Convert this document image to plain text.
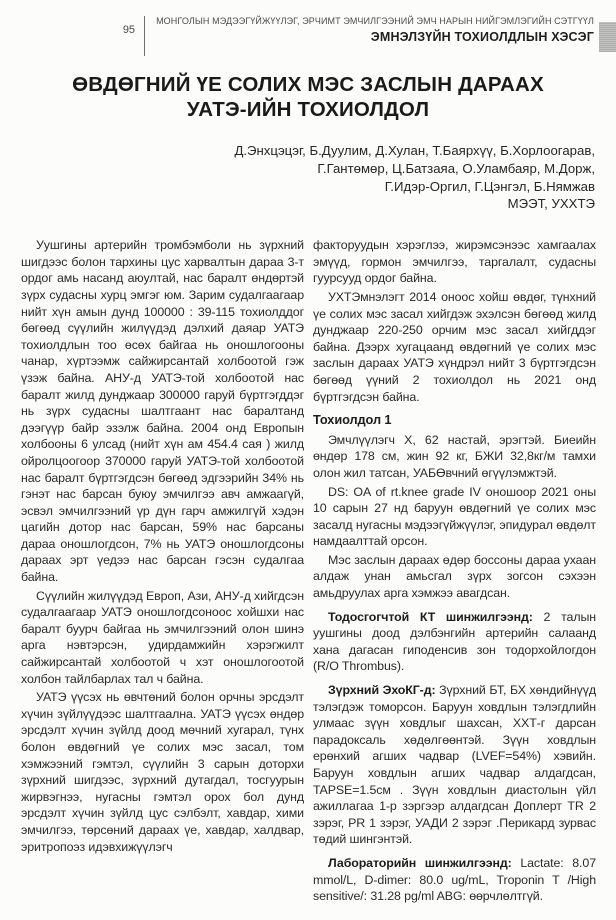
95
МОНГОЛЫН МЭДЭЭГҮЙЖҮҮЛЭГ, ЭРЧИМТ ЭМЧИЛГЭЭНИЙ ЭМЧ НАРЫН НИЙГЭМЛЭГИЙН СЭТГҮҮЛ
ЭМНЭЛЗҮЙН ТОХИОЛДЛЫН ХЭСЭГ
ӨВДӨГНИЙ ҮЕ СОЛИХ МЭС ЗАСЛЫН ДАРААХ
УАТЭ-ИЙН ТОХИОЛДОЛ
Д.Энхцэцэг, Б.Дуулим, Д.Хулан, Т.Баярхүү, Б.Хорлоогарав,
Г.Гантөмөр, Ц.Батзаяа, О.Уламбаяр, М.Дорж,
Г.Идэр-Оргил, Г.Цэнгэл, Б.Нямжав
МЭЭТ, УХХТЭ

Уушгины артерийн тромбэмболи нь зүрхний шигдээс болон тархины цус харвалтын дараа 3-т ордог амь насанд аюултай, нас баралт өндөртэй зүрх судасны хурц эмгэг юм. Зарим судалгаагаар нийт хүн амын дунд 100000 : 39-115 тохиолддог бөгөөд сүүлийн жилүүдэд дэлхий даяар УАТЭ тохиолдлын тоо өсөх байгаа нь оношлогооны чанар, хүртээмж сайжирсантай холбоотой гэж үзэж байна. АНУ-д УАТЭ-той холбоотой нас баралт жилд дунджаар 300000 гаруй бүртгэгддэг нь зүрх судасны шалтгаант нас баралтанд дээгүүр байр эзэлж байна. 2004 онд Европын холбооны 6 улсад (нийт хүн ам 454.4 сая ) жилд ойролцоогоор 370000 гаруй УАТЭ-той холбоотой нас баралт бүртгэгдсэн бөгөөд эдгээрийн 34% нь гэнэт нас барсан буюу эмчилгээ авч амжаагүй, эсвэл эмчилгээний үр дүн гарч амжилгүй хэдэн цагийн дотор нас барсан, 59% нас барсаны дараа оношлогдсон, 7% нь УАТЭ оношлогдсоны дараах эрт үедээ нас барсан гэсэн судалгаа байна.

Сүүлийн жилүүдэд Европ, Ази, АНУ-д хийгдсэн судалгаагаар УАТЭ оношлогдсоноос хойшхи нас баралт буурч байгаа нь эмчилгээний олон шинэ арга нэвтэрсэн, удирдамжийн хэрэгжилт сайжирсантай холбоотой ч хэт оношлогоотой холбон тайлбарлах тал ч байна.

УАТЭ үүсэх нь өвчтөний болон орчны эрсдэлт хүчин зүйлүүдээс шалтгаална. УАТЭ үүсэх өндөр эрсдэлт хүчин зүйлд доод мөчний хугарал, түнх болон өвдөгний үе солих мэс засал, том хэмжээний гэмтэл, сүүлийн 3 сарын доторхи зүрхний шигдээс, зүрхний дутагдал, тосгуурын жирвэгнээ, нугасны гэмтэл орох бол дунд эрсдэлт хүчин зүйлд цус сэлбэлт, хавдар, хими эмчилгээ, төрсөний дараах үе, хавдар, халдвар, эритропоэз идэвхижүүлэгч

факторуудын хэрэглээ, жирэмсэнээс хамгаалах эмүүд, гормон эмчилгээ, таргалалт, судасны гуурсууд ордог байна.

УХТЭмнэлэгт 2014 оноос хойш өвдөг, түнхний үе солих мэс засал хийгдэж эхэлсэн бөгөөд жилд дунджаар 220-250 орчим мэс засал хийгддэг байна. Дээрх хугацаанд өвдөгний үе солих мэс заслын дараах УАТЭ хүндрэл нийт 3 бүртгэгдсэн бөгөөд үүний 2 тохиолдол нь 2021 онд бүртгэгдсэн байна.

Тохиолдол 1

Эмчлүүлэгч Х, 62 настай, эрэгтэй. Биеийн өндөр 178 см, жин 92 кг, БЖИ 32,8кг/м тамхи олон жил татсан, УАБӨвчний өгүүлэмжтэй.

DS: OA of rt.knee grade IV оношоор 2021 оны 10 сарын 27 нд баруун өвдөгний үе солих мэс засалд нугасны мэдээгүйжүүлэг, эпидурал өвдөлт намдаалттай орсон.

Мэс заслын дараах өдөр боссоны дараа ухаан алдаж унан амьсгал зүрх зогсон сэхээн амьдруулах арга хэмжээ авагдсан.

Тодосгогчтой КТ шинжилгээнд: 2 талын уушгины доод дэлбэнгийн артерийн салаанд хана дагасан гиподенсив зон тодорхойлогдон (R/O Thrombus).

Зүрхний ЭхоКГ-д: Зүрхний БТ, БХ хөндийнүүд тэлэгдэж томорсон. Баруун ховдлын тэлэгдлийн улмаас зүүн ховдлыг шахсан, ХХТ-г дарсан парадоксаль хөдөлгөөнтэй. Зүүн ховдлын ерөнхий агших чадвар (LVEF=54%) хэвийн. Баруун ховдлын агших чадвар алдагдсан, TAPSE=1.5см . Зүүн ховдлын диастолын үйл ажиллагаа 1-р зэргээр алдагдсан Доплерт TR 2 зэрэг, PR 1 зэрэг, УАДИ 2 зэрэг .Перикард зурвас төдий шингэнтэй.

Лабораторийн шинжилгээнд: Lactate: 8.07 mmol/L, D-dimer: 80.0 ug/mL, Troponin T /High sensitive/: 31.28 pg/ml ABG: өөрчлөлтгүй.
